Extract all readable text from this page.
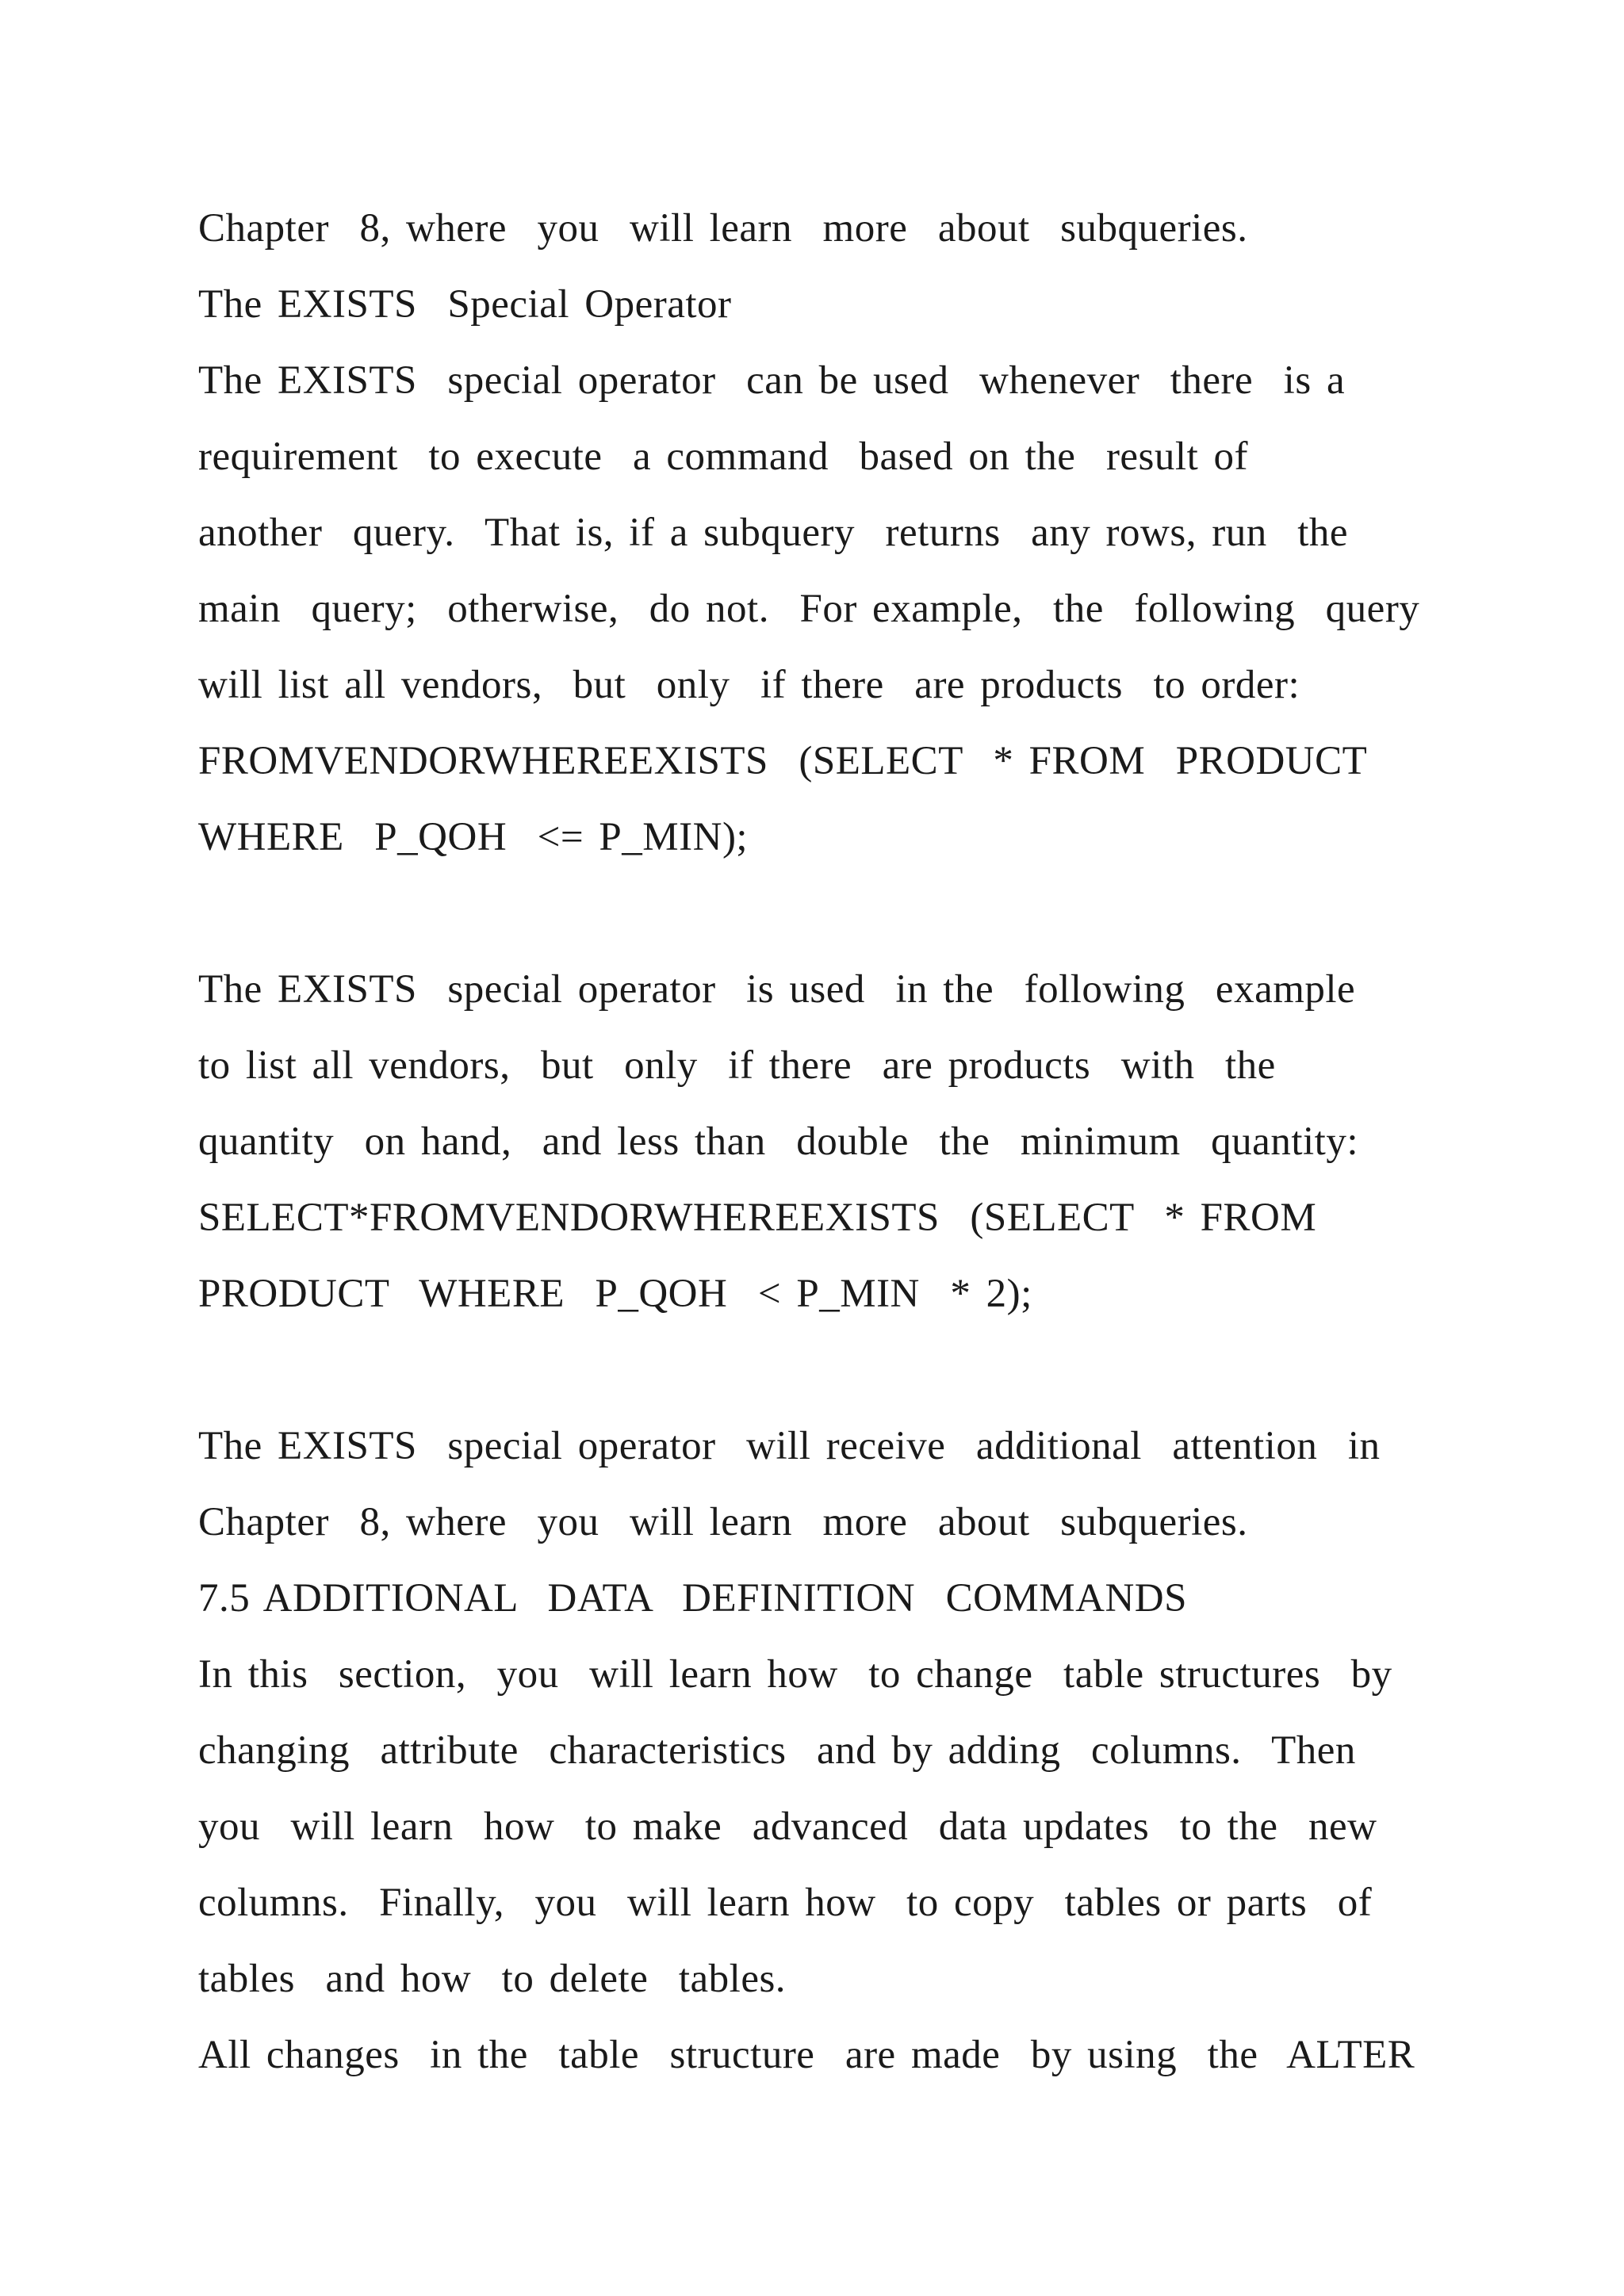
Chapter  8, where  you  will learn  more  about  subqueries.
The EXISTS  Special Operator
The EXISTS  special operator  can be used  whenever  there  is a
requirement  to execute  a command  based on the  result of
another  query.  That is, if a subquery  returns  any rows, run  the
main  query;  otherwise,  do not.  For example,  the  following  query
will list all vendors,  but  only  if there  are products  to order:
FROMVENDORWHEREEXISTS  (SELECT  * FROM  PRODUCT
WHERE  P_QOH  <= P_MIN);
The EXISTS  special operator  is used  in the  following  example
to list all vendors,  but  only  if there  are products  with  the
quantity  on hand,  and less than  double  the  minimum  quantity:
SELECT*FROMVENDORWHEREEXISTS  (SELECT  * FROM
PRODUCT  WHERE  P_QOH  < P_MIN  * 2);
The EXISTS  special operator  will receive  additional  attention  in
Chapter  8, where  you  will learn  more  about  subqueries.
7.5 ADDITIONAL  DATA  DEFINITION  COMMANDS
In this  section,  you  will learn how  to change  table structures  by
changing  attribute  characteristics  and by adding  columns.  Then
you  will learn  how  to make  advanced  data updates  to the  new
columns.  Finally,  you  will learn how  to copy  tables or parts  of
tables  and how  to delete  tables.
All changes  in the  table  structure  are made  by using  the  ALTER
